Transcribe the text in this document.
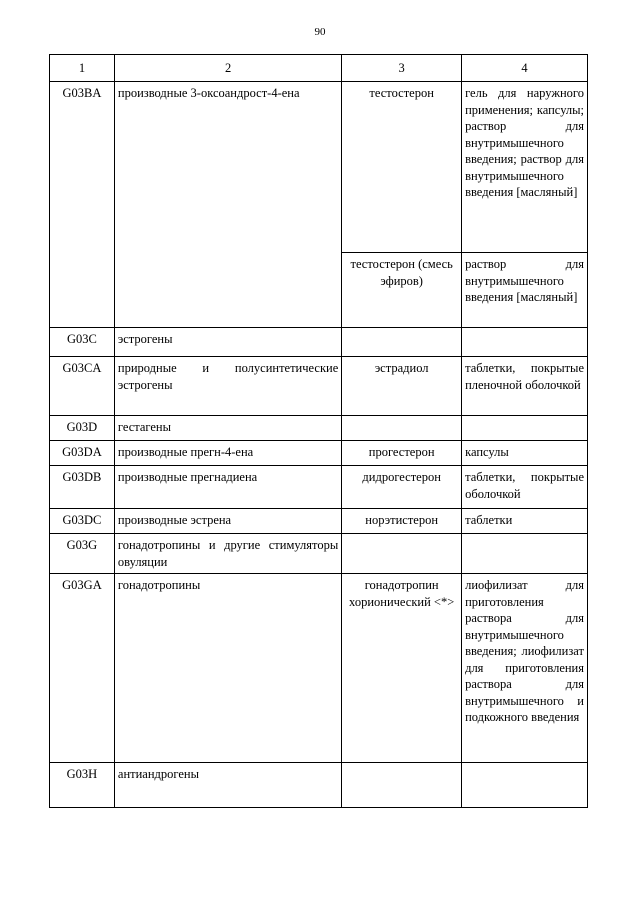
90
1	2	3	4

G03BA	производные 3-оксоандрост-4-ена	тестостерон	гель для наружного применения; капсулы; раствор для внутримышечного введения; раствор для внутримышечного введения [масляный]

		тестостерон (смесь эфиров)	раствор для внутримышечного введения [масляный]

G03C	эстрогены		

G03CA	природные и полусинтетические эстрогены	эстрадиол	таблетки, покрытые пленочной оболочкой

G03D	гестагены		

G03DA	производные прегн-4-ена	прогестерон	капсулы

G03DB	производные прегнадиена	дидрогестерон	таблетки, покрытые оболочкой

G03DC	производные эстрена	норэтистерон	таблетки

G03G	гонадотропины и другие стимуляторы овуляции		

G03GA	гонадотропины	гонадотропин хорионический <*>	лиофилизат для приготовления раствора для внутримышечного введения; лиофилизат для приготовления раствора для внутримышечного и подкожного введения

G03H	антиандрогены		
